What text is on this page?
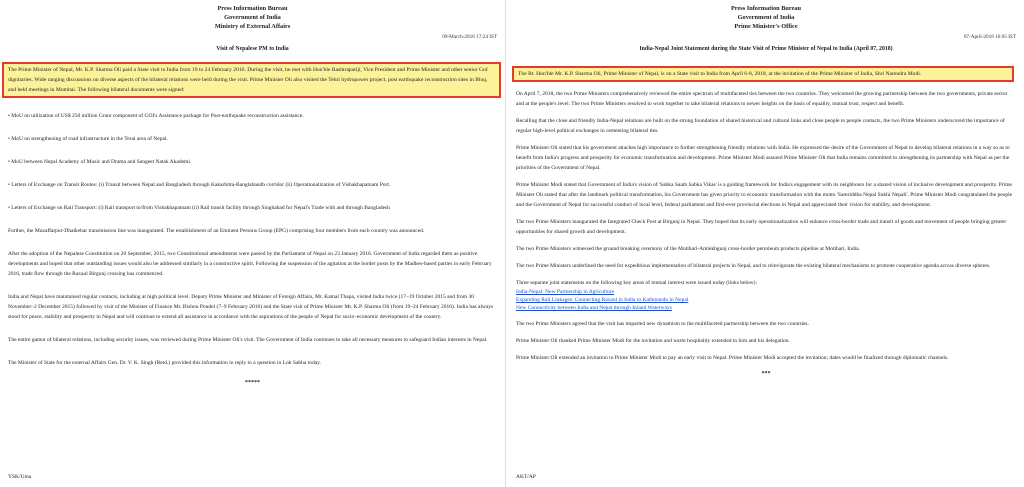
Press Information Bureau
Government of India
Ministry of External Affairs
09-March-2016 17:24 IST
Visit of Nepalese PM to India
The Prime Minister of Nepal, Mr. K.P. Sharma Oli paid a State visit to India from 19 to 24 February 2016. During the visit, he met with Hon'ble Rashtrapatiji, Vice President and Prime Minister and other senior GoI dignitaries. Wide ranging discussions on diverse aspects of the bilateral relations were held during the visit. Prime Minister Oli also visited the Tehri hydropower project, post earthquake reconstruction sites in Bhuj, and held meetings in Mumbai. The following bilateral documents were signed:

• MoU on utilization of US$ 250 million Grant component of GOI's Assistance package for Post-earthquake reconstruction assistance.

• MoU on strengthening of road infrastructure in the Terai area of Nepal.

• MoU between Nepal Academy of Music and Drama and Sangeet Natak Akademi.

• Letters of Exchange on Transit Routes: (i) Transit between Nepal and Bangladesh through Kakarbitta-Banglabandh corridor (ii) Operationalization of Vishakhapatnam Port.

• Letters of Exchange on Rail Transport: (i) Rail transport to/from Vishakhapatnam (ii) Rail transit facility through Singhabad for Nepal's Trade with and through Bangladesh

Further, the Muzaffarpur-Dhalkebar transmission line was inaugurated. The establishment of an Eminent Persons Group (EPG) comprising four members from each country was announced.

After the adoption of the Nepalese Constitution on 20 September, 2015, two Constitutional amendments were passed by the Parliament of Nepal on 23 January 2016. Government of India regarded them as positive developments and hoped that other outstanding issues would also be addressed similarly in a constructive spirit. Following the suspension of the agitation at the border posts by the Madhes-based parties in early February 2016, trade flow through the Raxaul Birgunj crossing has commenced.

India and Nepal have maintained regular contacts, including at high political level. Deputy Prime Minister and Minister of Foreign Affairs, Mr. Kamal Thapa, visited India twice (17–19 October 2015 and from 30 November–2 December 2015) followed by visit of the Minister of Finance Mr. Bishnu Poudel (7–9 February 2016) and the State visit of Prime Minister Mr. K.P. Sharma Oli (from 19–24 February 2016). India has always stood for peace, stability and prosperity in Nepal and will continue to extend all assistance in accordance with the aspirations of the people of Nepal for socio–economic development of the country.

The entire gamut of bilateral relations, including security issues, was reviewed during Prime Minister Oli's visit. The Government of India continues to take all necessary measures to safeguard Indian interests in Nepal.

The Minister of State for the external Affairs Gen. Dr. V. K. Singh (Retd.) provided this information in reply to a question in Lok Sabha today.

*****
YSK/Uma
Press Information Bureau
Government of India
Prime Minister's Office
07-April-2018 16:05 IST
India-Nepal Joint Statement during the State Visit of Prime Minister of Nepal to India (April 07, 2018)
The Rt. Hon'ble Mr. K.P. Sharma Oli, Prime Minister of Nepal, is on a State visit to India from April 6-8, 2018, at the invitation of the Prime Minister of India, Shri Narendra Modi.

On April 7, 2018, the two Prime Ministers comprehensively reviewed the entire spectrum of multifaceted ties between the two countries. They welcomed the growing partnership between the two governments, private sector and at the people's level. The two Prime Ministers resolved to work together to take bilateral relations to newer heights on the basis of equality, mutual trust, respect and benefit.

Recalling that the close and friendly India-Nepal relations are built on the strong foundation of shared historical and cultural links and close people to people contacts, the two Prime Ministers underscored the importance of regular high-level political exchanges in cementing bilateral ties.

Prime Minister Oli stated that his government attaches high importance to further strengthening friendly relations with India. He expressed the desire of the Government of Nepal to develop bilateral relations in a way so as to benefit from India's progress and prosperity for economic transformation and development. Prime Minister Modi assured Prime Minister Oli that India remains committed to strengthening its partnership with Nepal as per the priorities of the Government of Nepal.

Prime Minister Modi stated that Government of India's vision of 'Sabka Saath Sabka Vikas' is a guiding framework for India's engagement with its neighbours for a shared vision of inclusive development and prosperity. Prime Minister Oli stated that after the landmark political transformation, his Government has given priority to economic transformation with the motto 'Samriddha Nepal Sukhi Nepali'. Prime Minister Modi congratulated the people and the Government of Nepal for successful conduct of local level, federal parliament and first-ever provincial elections in Nepal and appreciated their vision for stability, and development.

The two Prime Ministers inaugurated the Integrated Check Post at Birgunj in Nepal. They hoped that its early operationalization will enhance cross-border trade and transit of goods and movement of people bringing greater opportunities for shared growth and development.

The two Prime Ministers witnessed the ground breaking ceremony of the Motihari-Amlekhgunj cross-border petroleum products pipeline at Motihari, India.

The two Prime Ministers underlined the need for expeditious implementation of bilateral projects in Nepal, and to reinvigorate the existing bilateral mechanisms to promote cooperative agenda across diverse spheres.

Three separate joint statements on the following key areas of mutual interest were issued today (links below):

India-Nepal: New Partnership in Agriculture
Expanding Rail Linkages: Connecting Raxaul in India to Kathmandu in Nepal
New Connectivity between India and Nepal through Inland Waterways

The two Prime Ministers agreed that the visit has imparted new dynamism to the multifaceted partnership between the two countries.

Prime Minister Oli thanked Prime Minister Modi for the invitation and warm hospitality extended to him and his delegation.

Prime Minister Oli extended an invitation to Prime Minister Modi to pay an early visit to Nepal. Prime Minister Modi accepted the invitation; dates would be finalized through diplomatic channels.

***
AKT/AP
